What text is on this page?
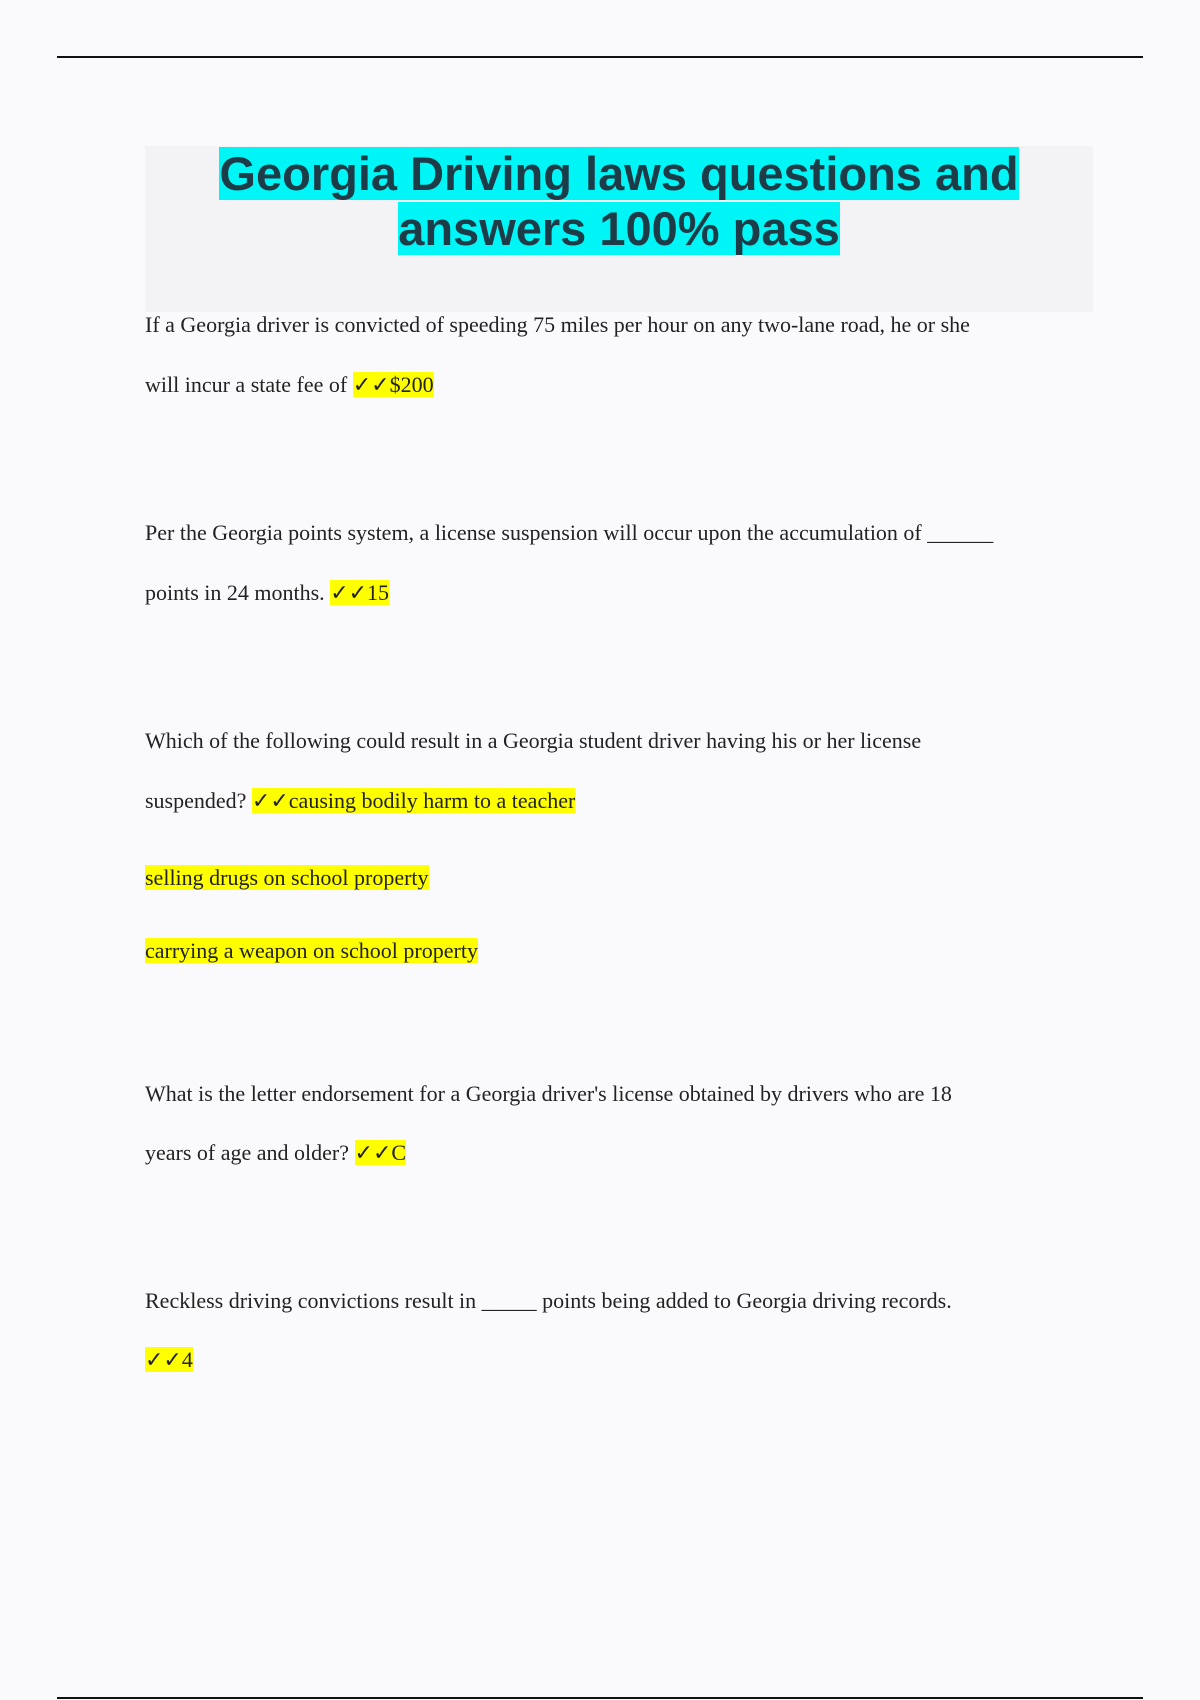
Georgia Driving laws questions and answers 100% pass
If a Georgia driver is convicted of speeding 75 miles per hour on any two-lane road, he or she
will incur a state fee of ✓✓$200
Per the Georgia points system, a license suspension will occur upon the accumulation of ______
points in 24 months. ✓✓15
Which of the following could result in a Georgia student driver having his or her license
suspended? ✓✓causing bodily harm to a teacher
selling drugs on school property
carrying a weapon on school property
What is the letter endorsement for a Georgia driver's license obtained by drivers who are 18
years of age and older? ✓✓C
Reckless driving convictions result in _____ points being added to Georgia driving records.
✓✓4
